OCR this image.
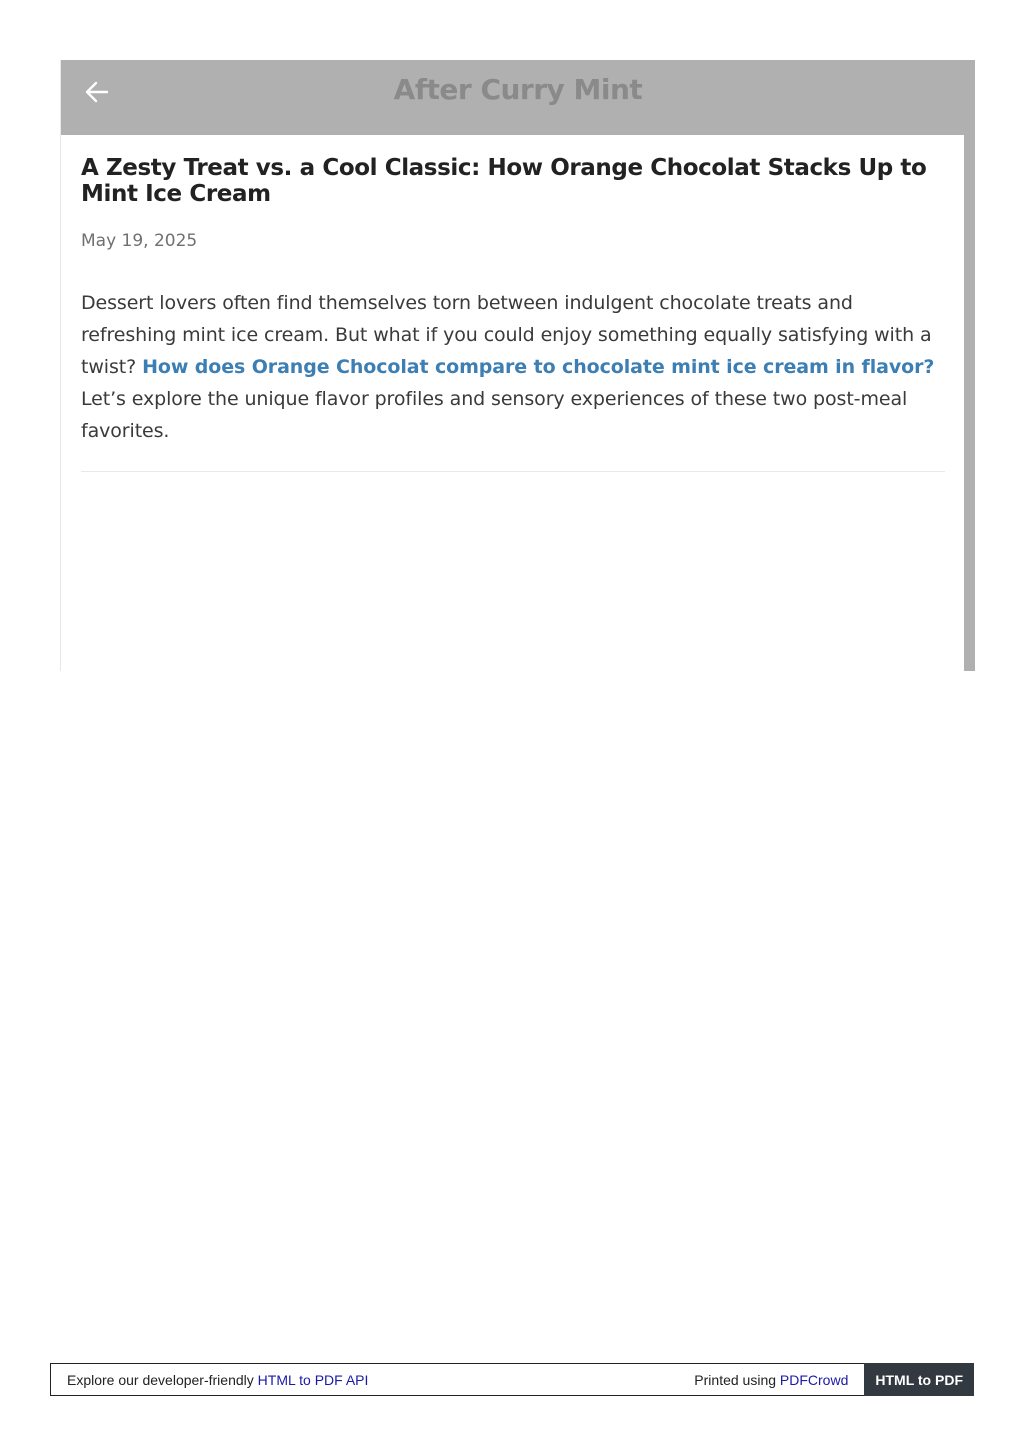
After Curry Mint
A Zesty Treat vs. a Cool Classic: How Orange Chocolat Stacks Up to Mint Ice Cream
May 19, 2025

Dessert lovers often find themselves torn between indulgent chocolate treats and refreshing mint ice cream. But what if you could enjoy something equally satisfying with a twist? How does Orange Chocolat compare to chocolate mint ice cream in flavor? Let’s explore the unique flavor profiles and sensory experiences of these two post-meal favorites.

Explore our developer-friendly HTML to PDF API	Printed using PDFCrowd	HTML to PDF
